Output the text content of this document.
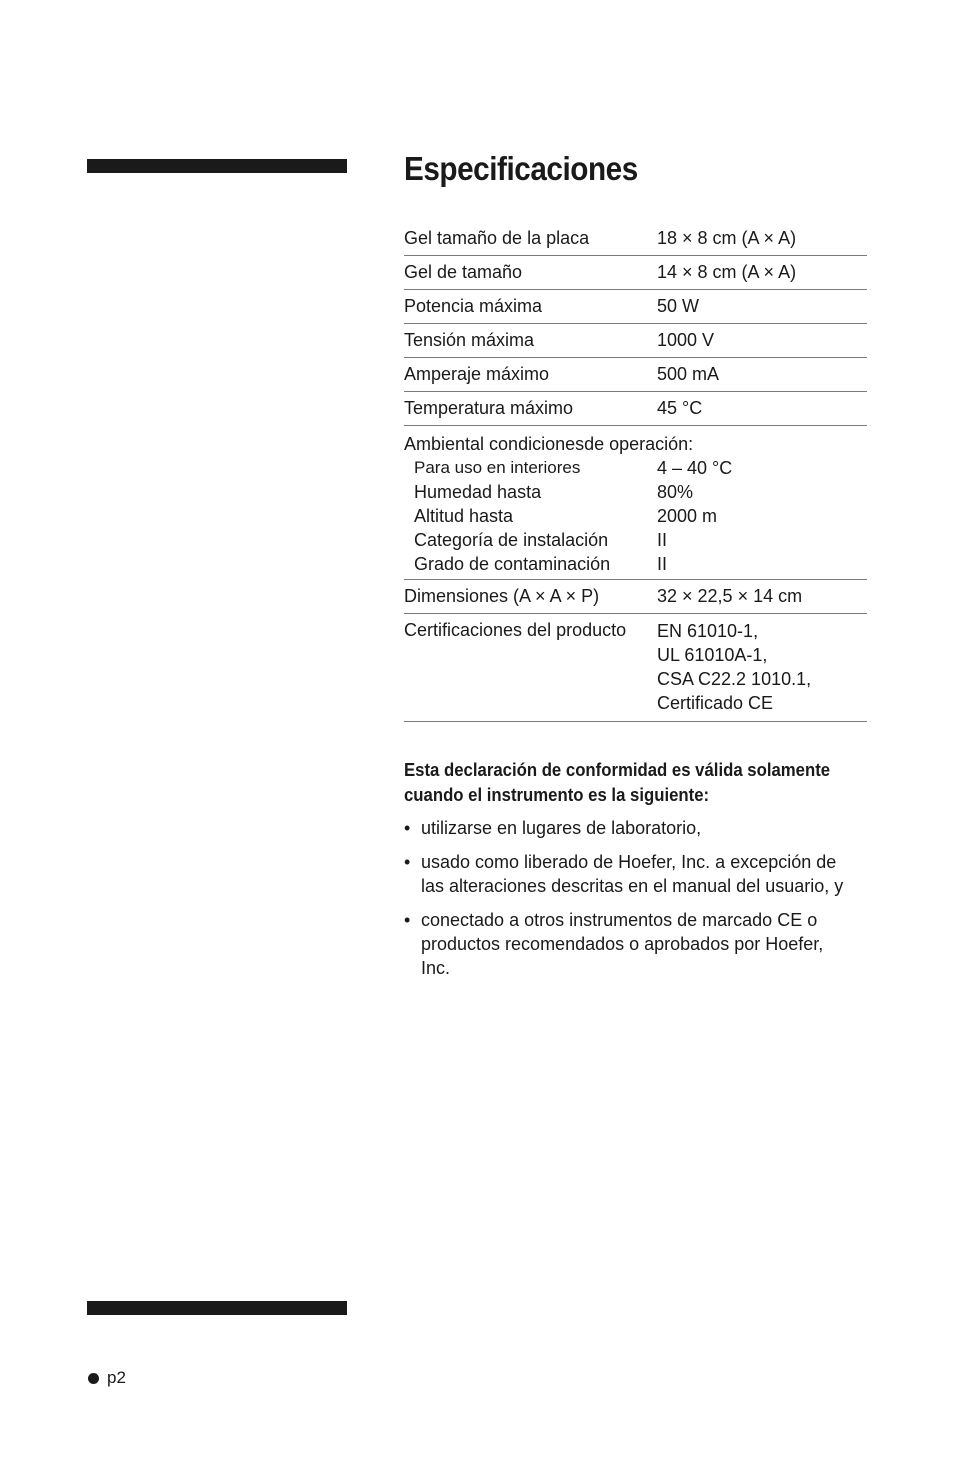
Especificaciones
Gel tamaño de la placa	18 × 8 cm (A × A)
Gel de tamaño	14 × 8 cm (A × A)
Potencia máxima	50 W
Tensión máxima	1000 V
Amperaje máximo	500 mA
Temperatura máximo	45 °C
Ambiental condicionesde operación:
Para uso en interiores	4 – 40 °C
Humedad hasta	80%
Altitud hasta	2000 m
Categoría de instalación	II
Grado de contaminación	II
Dimensiones (A × A × P)	32 × 22,5 × 14 cm
Certificaciones del producto	EN 61010-1,
UL 61010A-1,
CSA C22.2 1010.1,
Certificado CE
Esta declaración de conformidad es válida solamente
cuando el instrumento es la siguiente:
• utilizarse en lugares de laboratorio,
• usado como liberado de Hoefer, Inc. a excepción de las alteraciones descritas en el manual del usuario, y
• conectado a otros instrumentos de marcado CE o productos recomendados o aprobados por Hoefer, Inc.
p2
